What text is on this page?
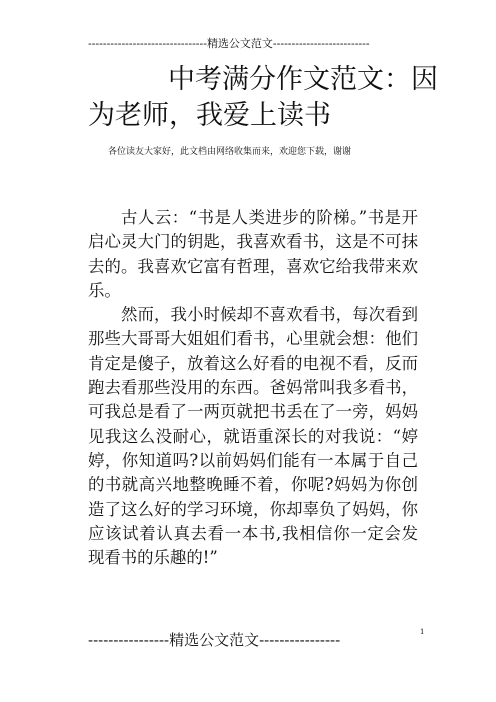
--------------------------------精选公文范文--------------------------
中考满分作文范文：因为老师，我爱上读书
各位读友大家好，此文档由网络收集而来，欢迎您下载，谢谢

古人云：“书是人类进步的阶梯。”书是开启心灵大门的钥匙，我喜欢看书，这是不可抹去的。我喜欢它富有哲理，喜欢它给我带来欢乐。

然而，我小时候却不喜欢看书，每次看到那些大哥哥大姐姐们看书，心里就会想：他们肯定是傻子，放着这么好看的电视不看，反而跑去看那些没用的东西。爸妈常叫我多看书，可我总是看了一两页就把书丢在了一旁，妈妈见我这么没耐心，就语重深长的对我说：“婷婷，你知道吗?以前妈妈们能有一本属于自己的书就高兴地整晚睡不着，你呢?妈妈为你创造了这么好的学习环境，你却辜负了妈妈，你应该试着认真去看一本书,我相信你一定会发现看书的乐趣的!”

----------------精选公文范文----------------	1
